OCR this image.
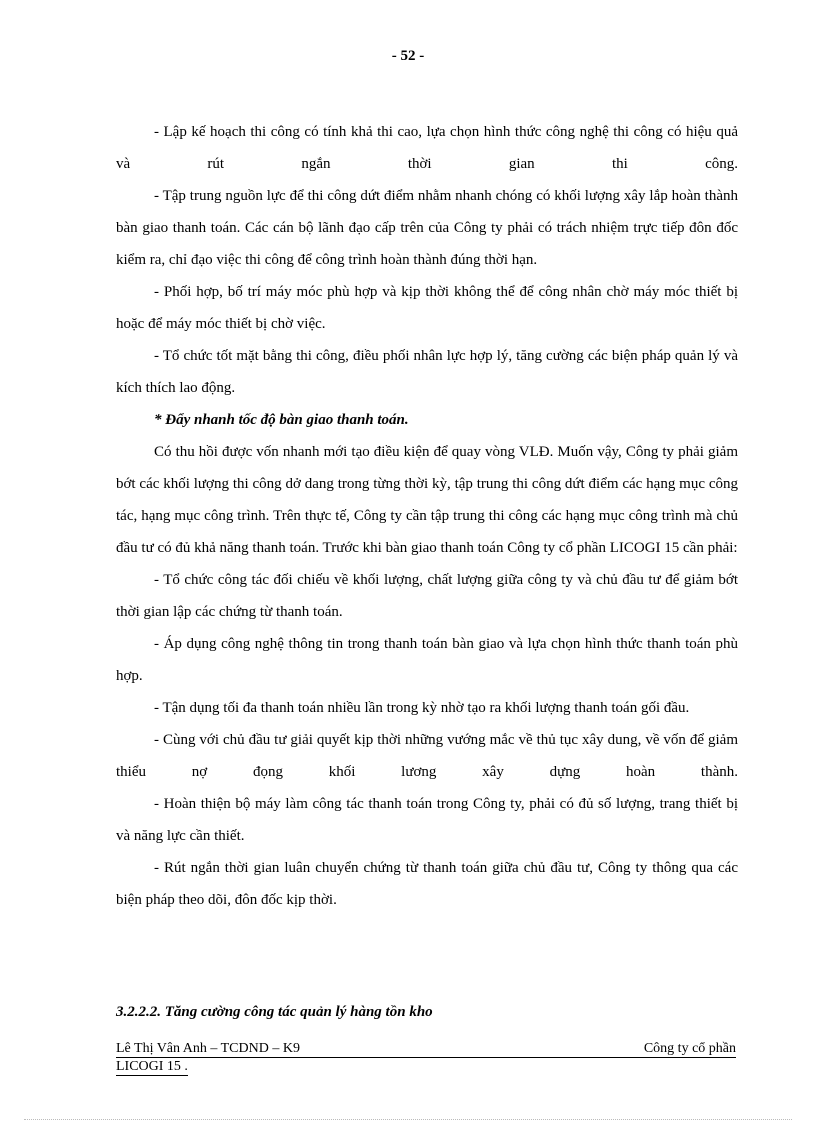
- 52 -

- Lập kế hoạch thi công có tính khả thi cao, lựa chọn hình thức công nghệ thi công có hiệu quả và rút ngắn thời gian thi công.

- Tập trung nguồn lực để thi công dứt điểm nhằm nhanh chóng có khối lượng xây lắp hoàn thành bàn giao thanh toán. Các cán bộ lãnh đạo cấp trên của Công ty phải có trách nhiệm trực tiếp đôn đốc kiểm ra, chỉ đạo việc thi công để công trình hoàn thành đúng thời hạn.

- Phối hợp, bố trí máy móc phù hợp và kịp thời không thể để công nhân chờ máy móc thiết bị hoặc để máy móc thiết bị chờ việc.

- Tổ chức tốt mặt bằng thi công, điều phối nhân lực hợp lý, tăng cường các biện pháp quản lý và kích thích lao động.

* Đẩy nhanh tốc độ bàn giao thanh toán.

Có thu hồi được vốn nhanh mới tạo điều kiện để quay vòng VLĐ. Muốn vậy, Công ty phải giảm bớt các khối lượng thi công dở dang trong từng thời kỳ, tập trung thi công dứt điểm các hạng mục công tác, hạng mục công trình. Trên thực tế, Công ty cần tập trung thi công các hạng mục công trình mà chủ đầu tư có đủ khả năng thanh toán. Trước khi bàn giao thanh toán Công ty cổ phần LICOGI 15 cần phải:

- Tổ chức công tác đối chiếu về khối lượng, chất lượng giữa công ty và chủ đầu tư để giảm bớt thời gian lập các chứng từ thanh toán.

- Áp dụng công nghệ thông tin trong thanh toán bàn giao và lựa chọn hình thức thanh toán phù hợp.

- Tận dụng tối đa thanh toán nhiều lần trong kỳ nhờ tạo ra khối lượng thanh toán gối đầu.

- Cùng với chủ đầu tư giải quyết kịp thời những vướng mắc về thủ tục xây dung, về vốn để giảm thiểu nợ đọng khối lương xây dựng hoàn thành.

- Hoàn thiện bộ máy làm công tác thanh toán trong Công ty, phải có đủ số lượng, trang thiết bị và năng lực cần thiết.

- Rút ngắn thời gian luân chuyển chứng từ thanh toán giữa chủ đầu tư, Công ty thông qua các biện pháp theo dõi, đôn đốc kịp thời.

3.2.2.2. Tăng cường công tác quản lý hàng tồn kho
Lê Thị Vân Anh – TCDND – K9	Công ty cổ phần
LICOGI 15 .
